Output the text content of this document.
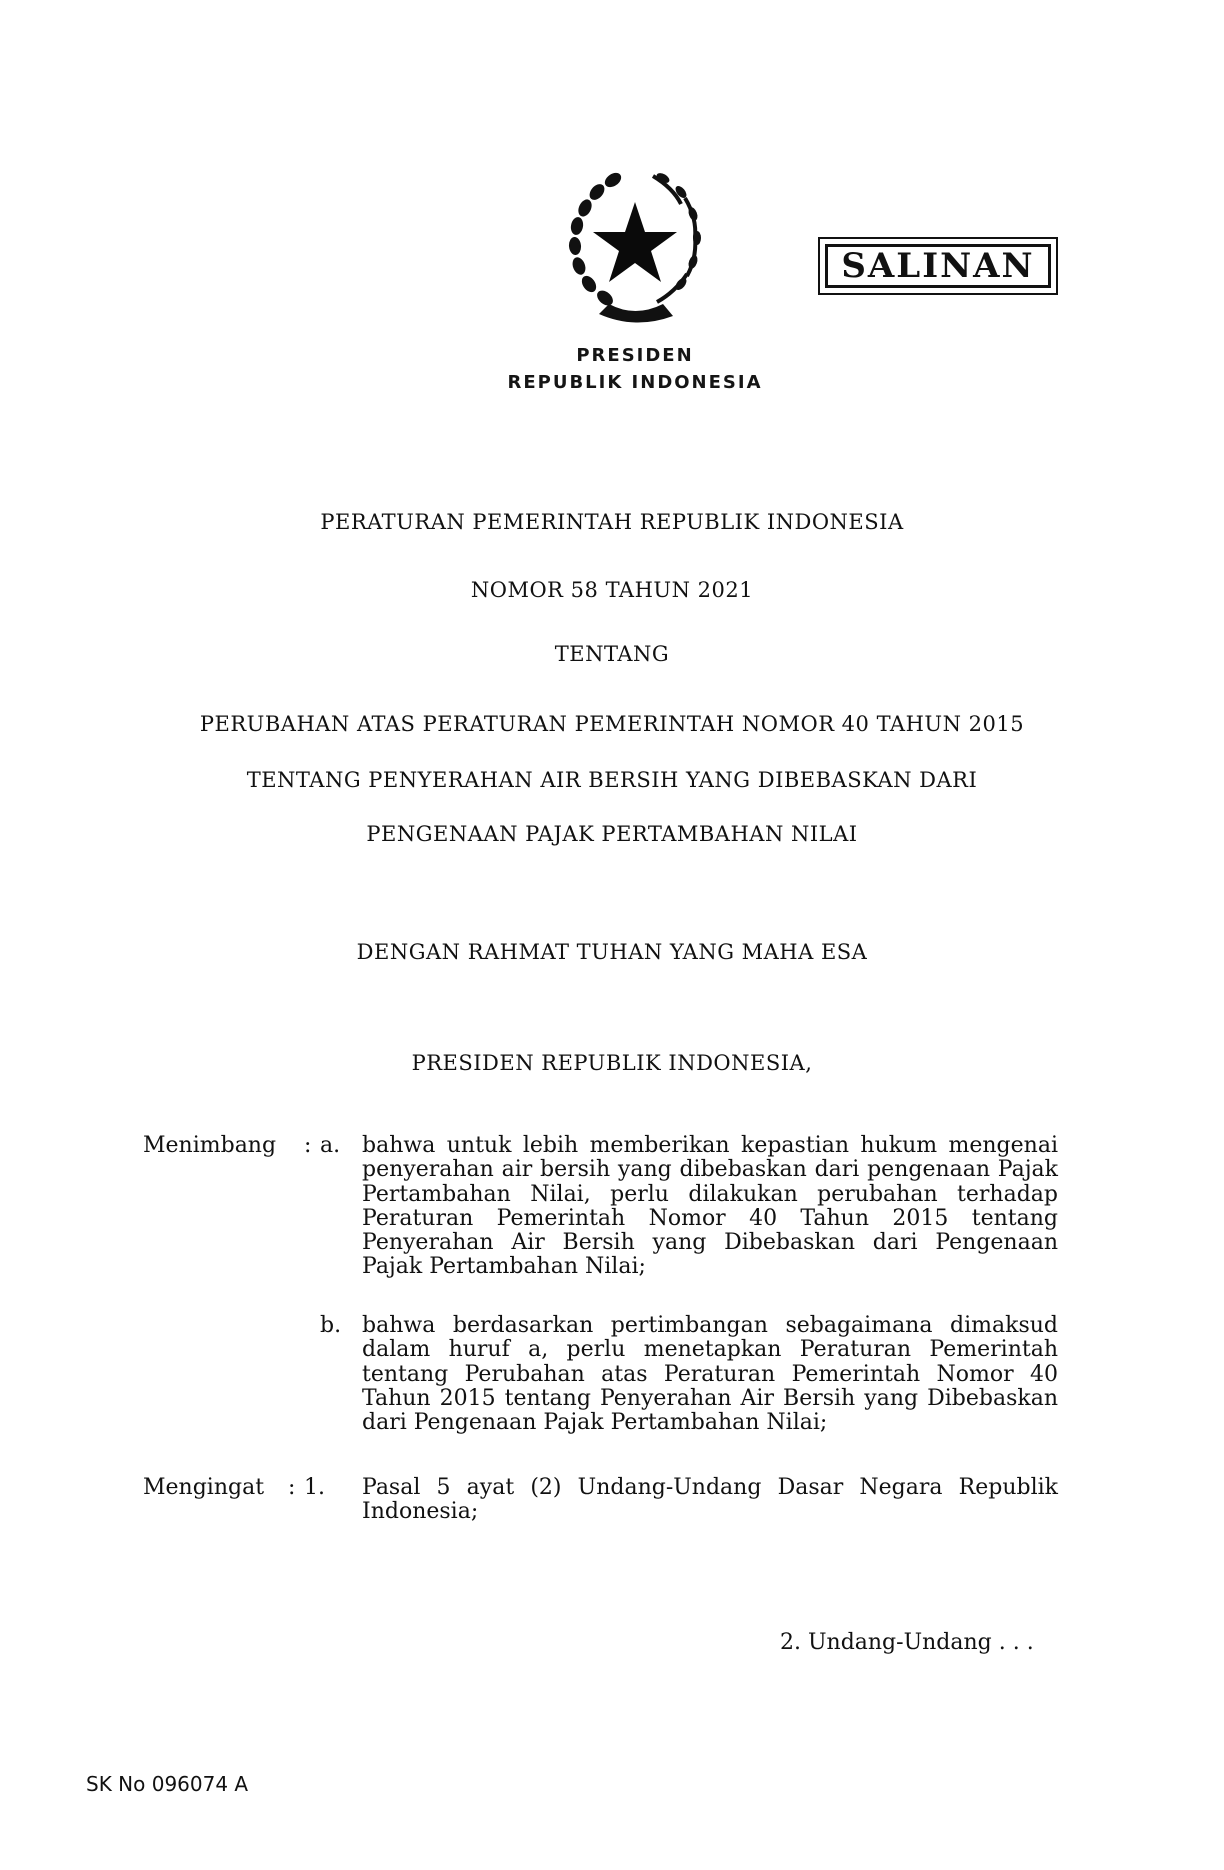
PRESIDEN
REPUBLIK INDONESIA
SALINAN
PERATURAN PEMERINTAH REPUBLIK INDONESIA
NOMOR 58 TAHUN 2021
TENTANG
PERUBAHAN ATAS PERATURAN PEMERINTAH NOMOR 40 TAHUN 2015
TENTANG PENYERAHAN AIR BERSIH YANG DIBEBASKAN DARI
PENGENAAN PAJAK PERTAMBAHAN NILAI
DENGAN RAHMAT TUHAN YANG MAHA ESA
PRESIDEN REPUBLIK INDONESIA,
Menimbang : a. bahwa untuk lebih memberikan kepastian hukum mengenai penyerahan air bersih yang dibebaskan dari pengenaan Pajak Pertambahan Nilai, perlu dilakukan perubahan terhadap Peraturan Pemerintah Nomor 40 Tahun 2015 tentang Penyerahan Air Bersih yang Dibebaskan dari Pengenaan Pajak Pertambahan Nilai;
b. bahwa berdasarkan pertimbangan sebagaimana dimaksud dalam huruf a, perlu menetapkan Peraturan Pemerintah tentang Perubahan atas Peraturan Pemerintah Nomor 40 Tahun 2015 tentang Penyerahan Air Bersih yang Dibebaskan dari Pengenaan Pajak Pertambahan Nilai;
Mengingat : 1. Pasal 5 ayat (2) Undang-Undang Dasar Negara Republik Indonesia;
2. Undang-Undang . . .
SK No 096074 A
